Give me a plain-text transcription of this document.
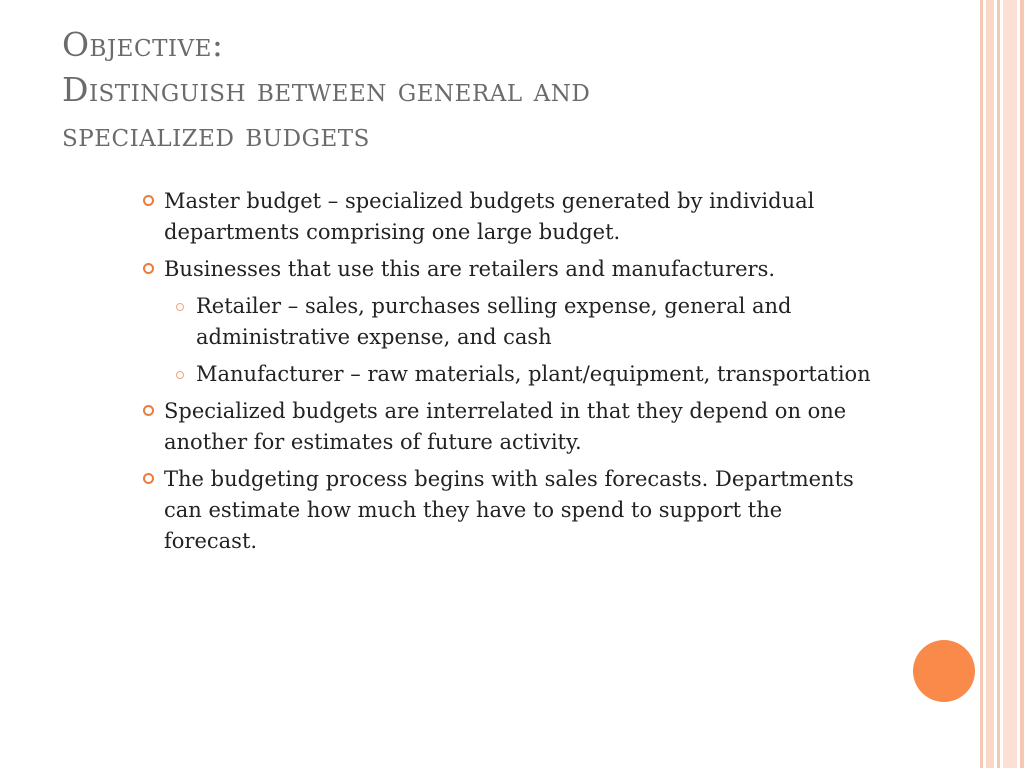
Objective:
Distinguish between general and
specialized budgets
Master budget – specialized budgets generated by individual departments comprising one large budget.
Businesses that use this are retailers and manufacturers.
Retailer – sales, purchases selling expense, general and administrative expense, and cash
Manufacturer – raw materials, plant/equipment, transportation
Specialized budgets are interrelated in that they depend on one another for estimates of future activity.
The budgeting process begins with sales forecasts. Departments can estimate how much they have to spend to support the forecast.
